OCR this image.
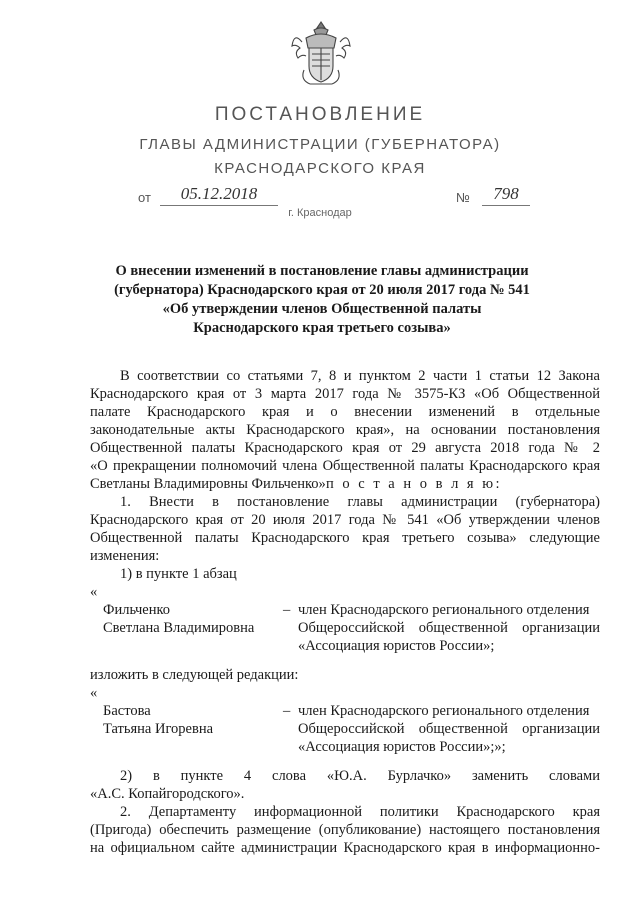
ПОСТАНОВЛЕНИЕ
ГЛАВЫ АДМИНИСТРАЦИИ (ГУБЕРНАТОРА)
КРАСНОДАРСКОГО КРАЯ
от	05.12.2018	№	798
г. Краснодар
О внесении изменений в постановление главы администрации
(губернатора) Краснодарского края от 20 июля 2017 года № 541
«Об утверждении членов Общественной палаты
Краснодарского края третьего созыва»
В соответствии со статьями 7, 8 и пунктом 2 части 1 статьи 12 Закона
Краснодарского края от 3 марта 2017 года № 3575-КЗ «Об Общественной
палате Краснодарского края и о внесении изменений в отдельные
законодательные акты Краснодарского края», на основании постановления
Общественной палаты Краснодарского края от 29 августа 2018 года № 2
«О прекращении полномочий члена Общественной палаты Краснодарского края
Светланы Владимировны Фильченко» п о с т а н о в л я ю:
1. Внести в постановление главы администрации (губернатора)
Краснодарского края от 20 июля 2017 года № 541 «Об утверждении членов
Общественной палаты Краснодарского края третьего созыва» следующие
изменения:
1) в пункте 1 абзац
«
Фильченко
Светлана Владимировна
– член Краснодарского регионального отделения
Общероссийской общественной организации
«Ассоциация юристов России»;
изложить в следующей редакции:
«
Бастова
Татьяна Игоревна
– член Краснодарского регионального отделения
Общероссийской общественной организации
«Ассоциация юристов России»;»;
2) в пункте 4 слова «Ю.А. Бурлачко» заменить словами
«А.С. Копайгородского».
2. Департаменту информационной политики Краснодарского края
(Пригода) обеспечить размещение (опубликование) настоящего постановления
на официальном сайте администрации Краснодарского края в информационно-
